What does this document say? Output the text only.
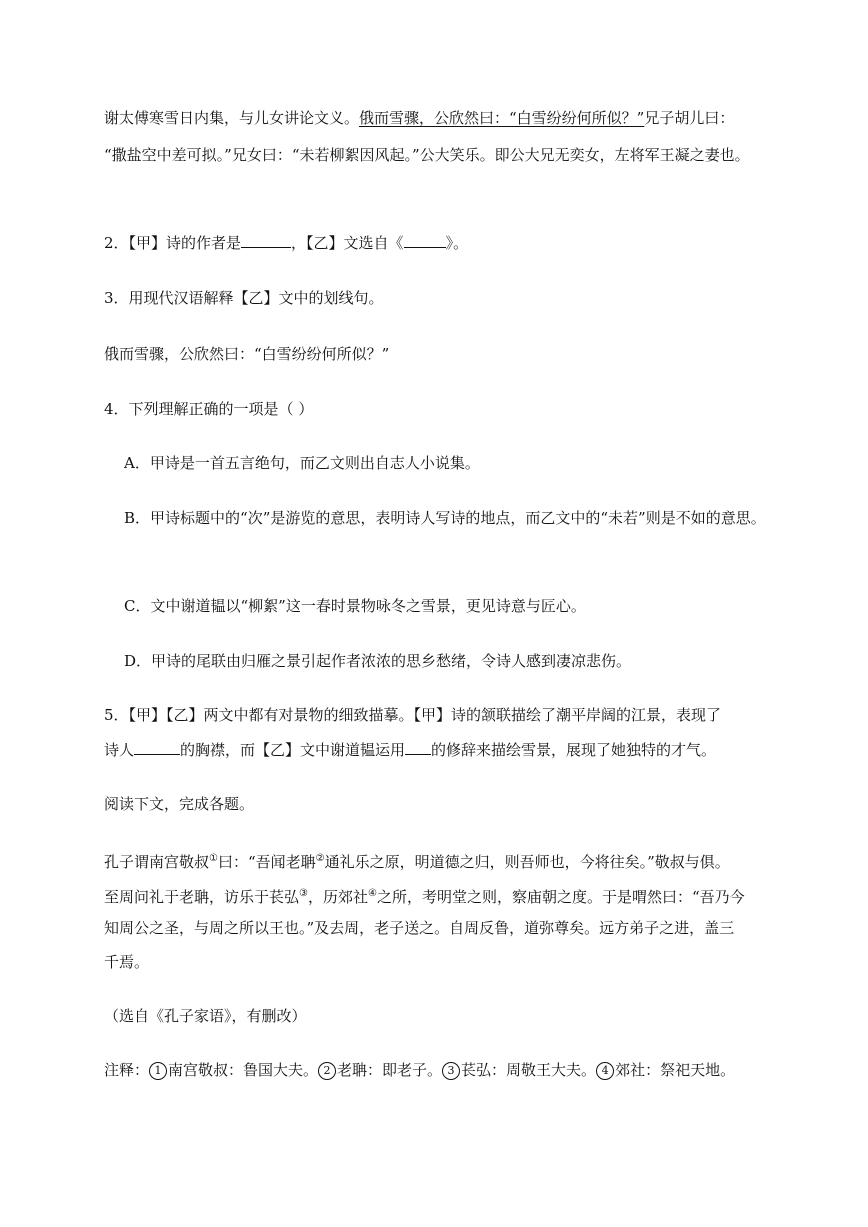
谢太傅寒雪日内集，与儿女讲论文义。俄而雪骤，公欣然曰：“白雪纷纷何所似？”兄子胡儿曰：
“撒盐空中差可拟。”兄女曰：“未若柳絮因风起。”公大笑乐。即公大兄无奕女，左将军王凝之妻也。
2．【甲】诗的作者是	，【乙】文选自《	》。
3．用现代汉语解释【乙】文中的划线句。
俄而雪骤，公欣然曰：“白雪纷纷何所似？”
4．下列理解正确的一项是（ ）
A．甲诗是一首五言绝句，而乙文则出自志人小说集。
B．甲诗标题中的“次”是游览的意思，表明诗人写诗的地点，而乙文中的“未若”则是不如的意思。
C．文中谢道韫以“柳絮”这一春时景物咏冬之雪景，更见诗意与匠心。
D．甲诗的尾联由归雁之景引起作者浓浓的思乡愁绪，令诗人感到凄凉悲伤。
5．【甲】【乙】两文中都有对景物的细致描摹。【甲】诗的颔联描绘了潮平岸阔的江景，表现了
诗人	的胸襟，而【乙】文中谢道韫运用 的修辞来描绘雪景，展现了她独特的才气。
阅读下文，完成各题。
孔子谓南宫敬叔①曰：“吾闻老聃②通礼乐之原，明道德之归，则吾师也，今将往矣。”敬叔与俱。
至周问礼于老聃，访乐于苌弘③，历郊社④之所，考明堂之则，察庙朝之度。于是喟然曰：“吾乃今
知周公之圣，与周之所以王也。”及去周，老子送之。自周反鲁，道弥尊矣。远方弟子之进，盖三
千焉。
（选自《孔子家语》，有删改）
注释： 1 南宫敬叔：鲁国大夫。 2 老聃：即老子。 3 苌弘：周敬王大夫。 4 郊社：祭祀天地。
